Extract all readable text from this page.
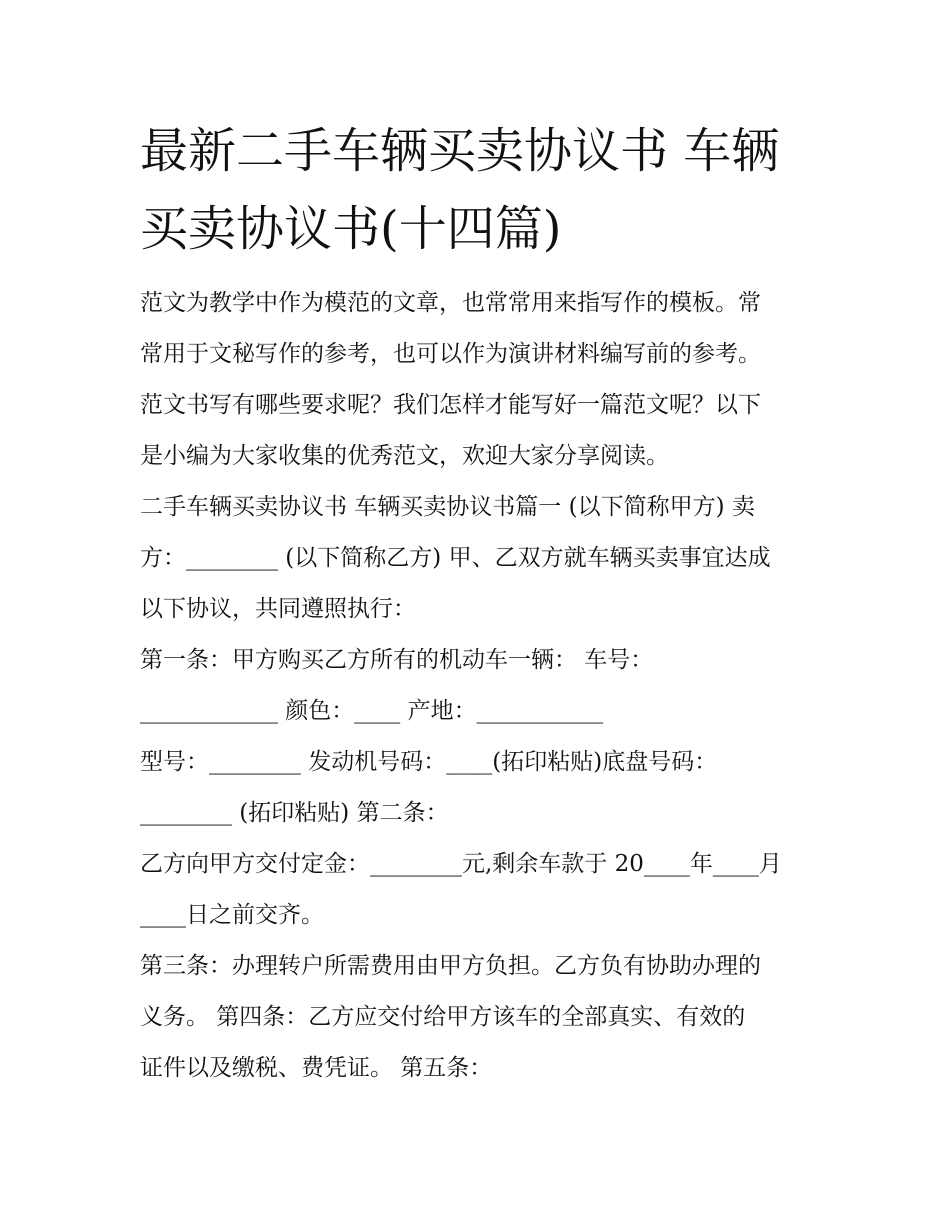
最新二手车辆买卖协议书 车辆
买卖协议书(十四篇)
范文为教学中作为模范的文章，也常常用来指写作的模板。常
常用于文秘写作的参考，也可以作为演讲材料编写前的参考。
范文书写有哪些要求呢？我们怎样才能写好一篇范文呢？以下
是小编为大家收集的优秀范文，欢迎大家分享阅读。
二手车辆买卖协议书 车辆买卖协议书篇一 (以下简称甲方) 卖
方：________ (以下简称乙方) 甲、乙双方就车辆买卖事宜达成
以下协议，共同遵照执行：
第一条：甲方购买乙方所有的机动车一辆： 车号：
____________ 颜色：____ 产地：___________
型号：________ 发动机号码：____(拓印粘贴)底盘号码：
________ (拓印粘贴) 第二条：
乙方向甲方交付定金：________元,剩余车款于 20____年____月
____日之前交齐。
第三条：办理转户所需费用由甲方负担。乙方负有协助办理的
义务。 第四条：乙方应交付给甲方该车的全部真实、有效的
证件以及缴税、费凭证。 第五条：
